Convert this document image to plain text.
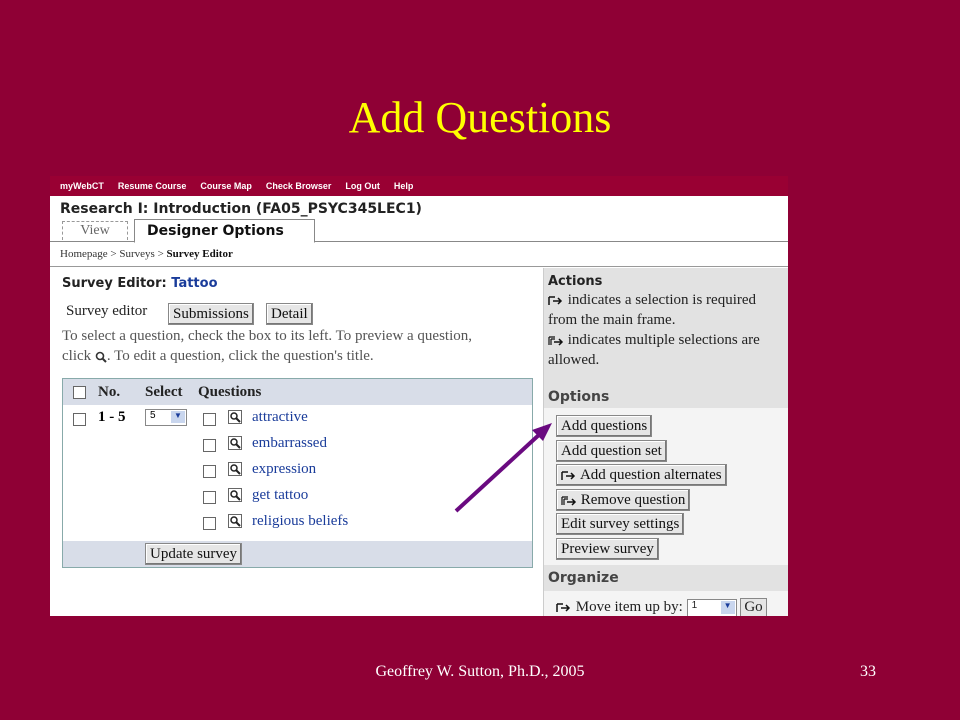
Add Questions
myWebCT Resume Course Course Map Check Browser Log Out Help
Research I: Introduction (FA05_PSYC345LEC1)
View	Designer Options
Homepage > Surveys > Survey Editor
Survey Editor: Tattoo
Survey editor	Submissions	Detail
To select a question, check the box to its left. To preview a question,
click . To edit a question, click the question's title.
No. Select Questions
1 - 5	5	▼	attractive
embarrassed
expression
get tattoo
religious beliefs
Update survey
Actions
indicates a selection is required from the main frame.
indicates multiple selections are allowed.
Options
Add questions
Add question set
Add question alternates
Remove question
Edit survey settings
Preview survey
Organize
Move item up by: 1	▼ Go
Geoffrey W. Sutton, Ph.D., 2005	33
